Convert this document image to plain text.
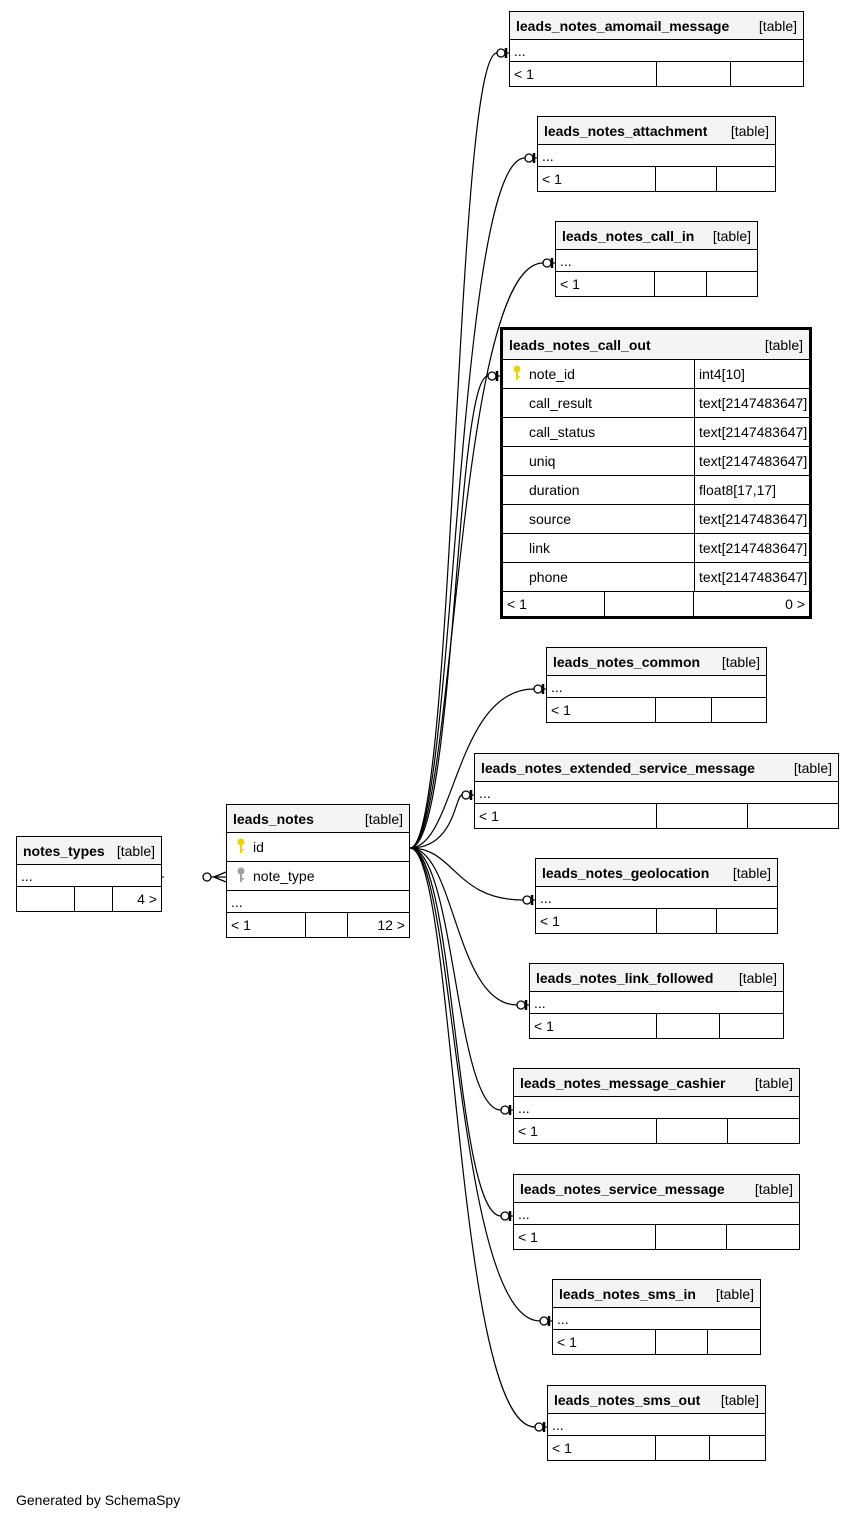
notes_types [table]
...
4 >
leads_notes	[table]
id
note_type
...
< 1	12 >
leads_notes_call_out	[table]
note_id	int4[10]
call_result	text[2147483647]
call_status	text[2147483647]
uniq	text[2147483647]
duration	float8[17,17]
source	text[2147483647]
link	text[2147483647]
phone	text[2147483647]
< 1	0 >
leads_notes_amomail_message [table]
...
< 1
leads_notes_attachment [table]
...
< 1
leads_notes_call_in [table]
...
< 1
leads_notes_common [table]
...
< 1
leads_notes_extended_service_message	[table]
...
< 1
leads_notes_geolocation [table]
...
< 1
leads_notes_link_followed [table]
...
< 1
leads_notes_message_cashier [table]
...
< 1
leads_notes_service_message [table]
...
< 1
leads_notes_sms_in [table]
...
< 1
leads_notes_sms_out [table]
...
< 1
Generated by SchemaSpy
